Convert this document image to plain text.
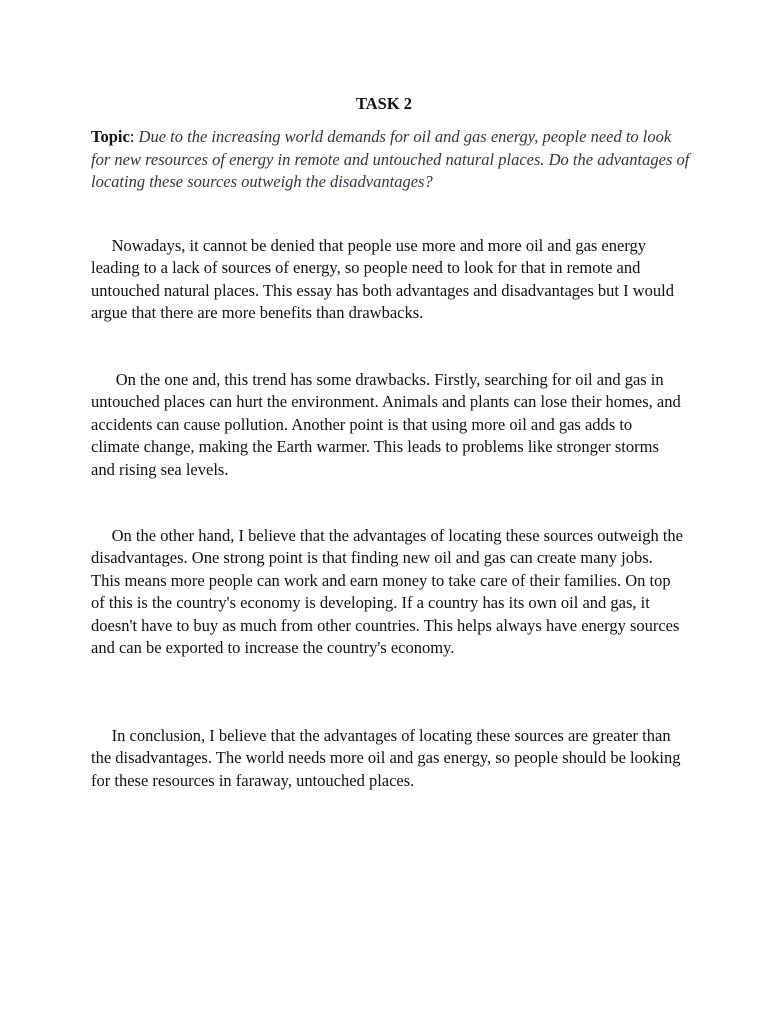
TASK 2

Topic: Due to the increasing world demands for oil and gas energy, people need to look for new resources of energy in remote and untouched natural places. Do the advantages of locating these sources outweigh the disadvantages?

Nowadays, it cannot be denied that people use more and more oil and gas energy leading to a lack of sources of energy, so people need to look for that in remote and untouched natural places. This essay has both advantages and disadvantages but I would argue that there are more benefits than drawbacks.

On the one and, this trend has some drawbacks. Firstly, searching for oil and gas in untouched places can hurt the environment. Animals and plants can lose their homes, and accidents can cause pollution. Another point is that using more oil and gas adds to climate change, making the Earth warmer. This leads to problems like stronger storms and rising sea levels.

On the other hand, I believe that the advantages of locating these sources outweigh the disadvantages. One strong point is that finding new oil and gas can create many jobs. This means more people can work and earn money to take care of their families. On top of this is the country's economy is developing. If a country has its own oil and gas, it doesn't have to buy as much from other countries. This helps always have energy sources and can be exported to increase the country's economy.

In conclusion, I believe that the advantages of locating these sources are greater than the disadvantages. The world needs more oil and gas energy, so people should be looking for these resources in faraway, untouched places.
